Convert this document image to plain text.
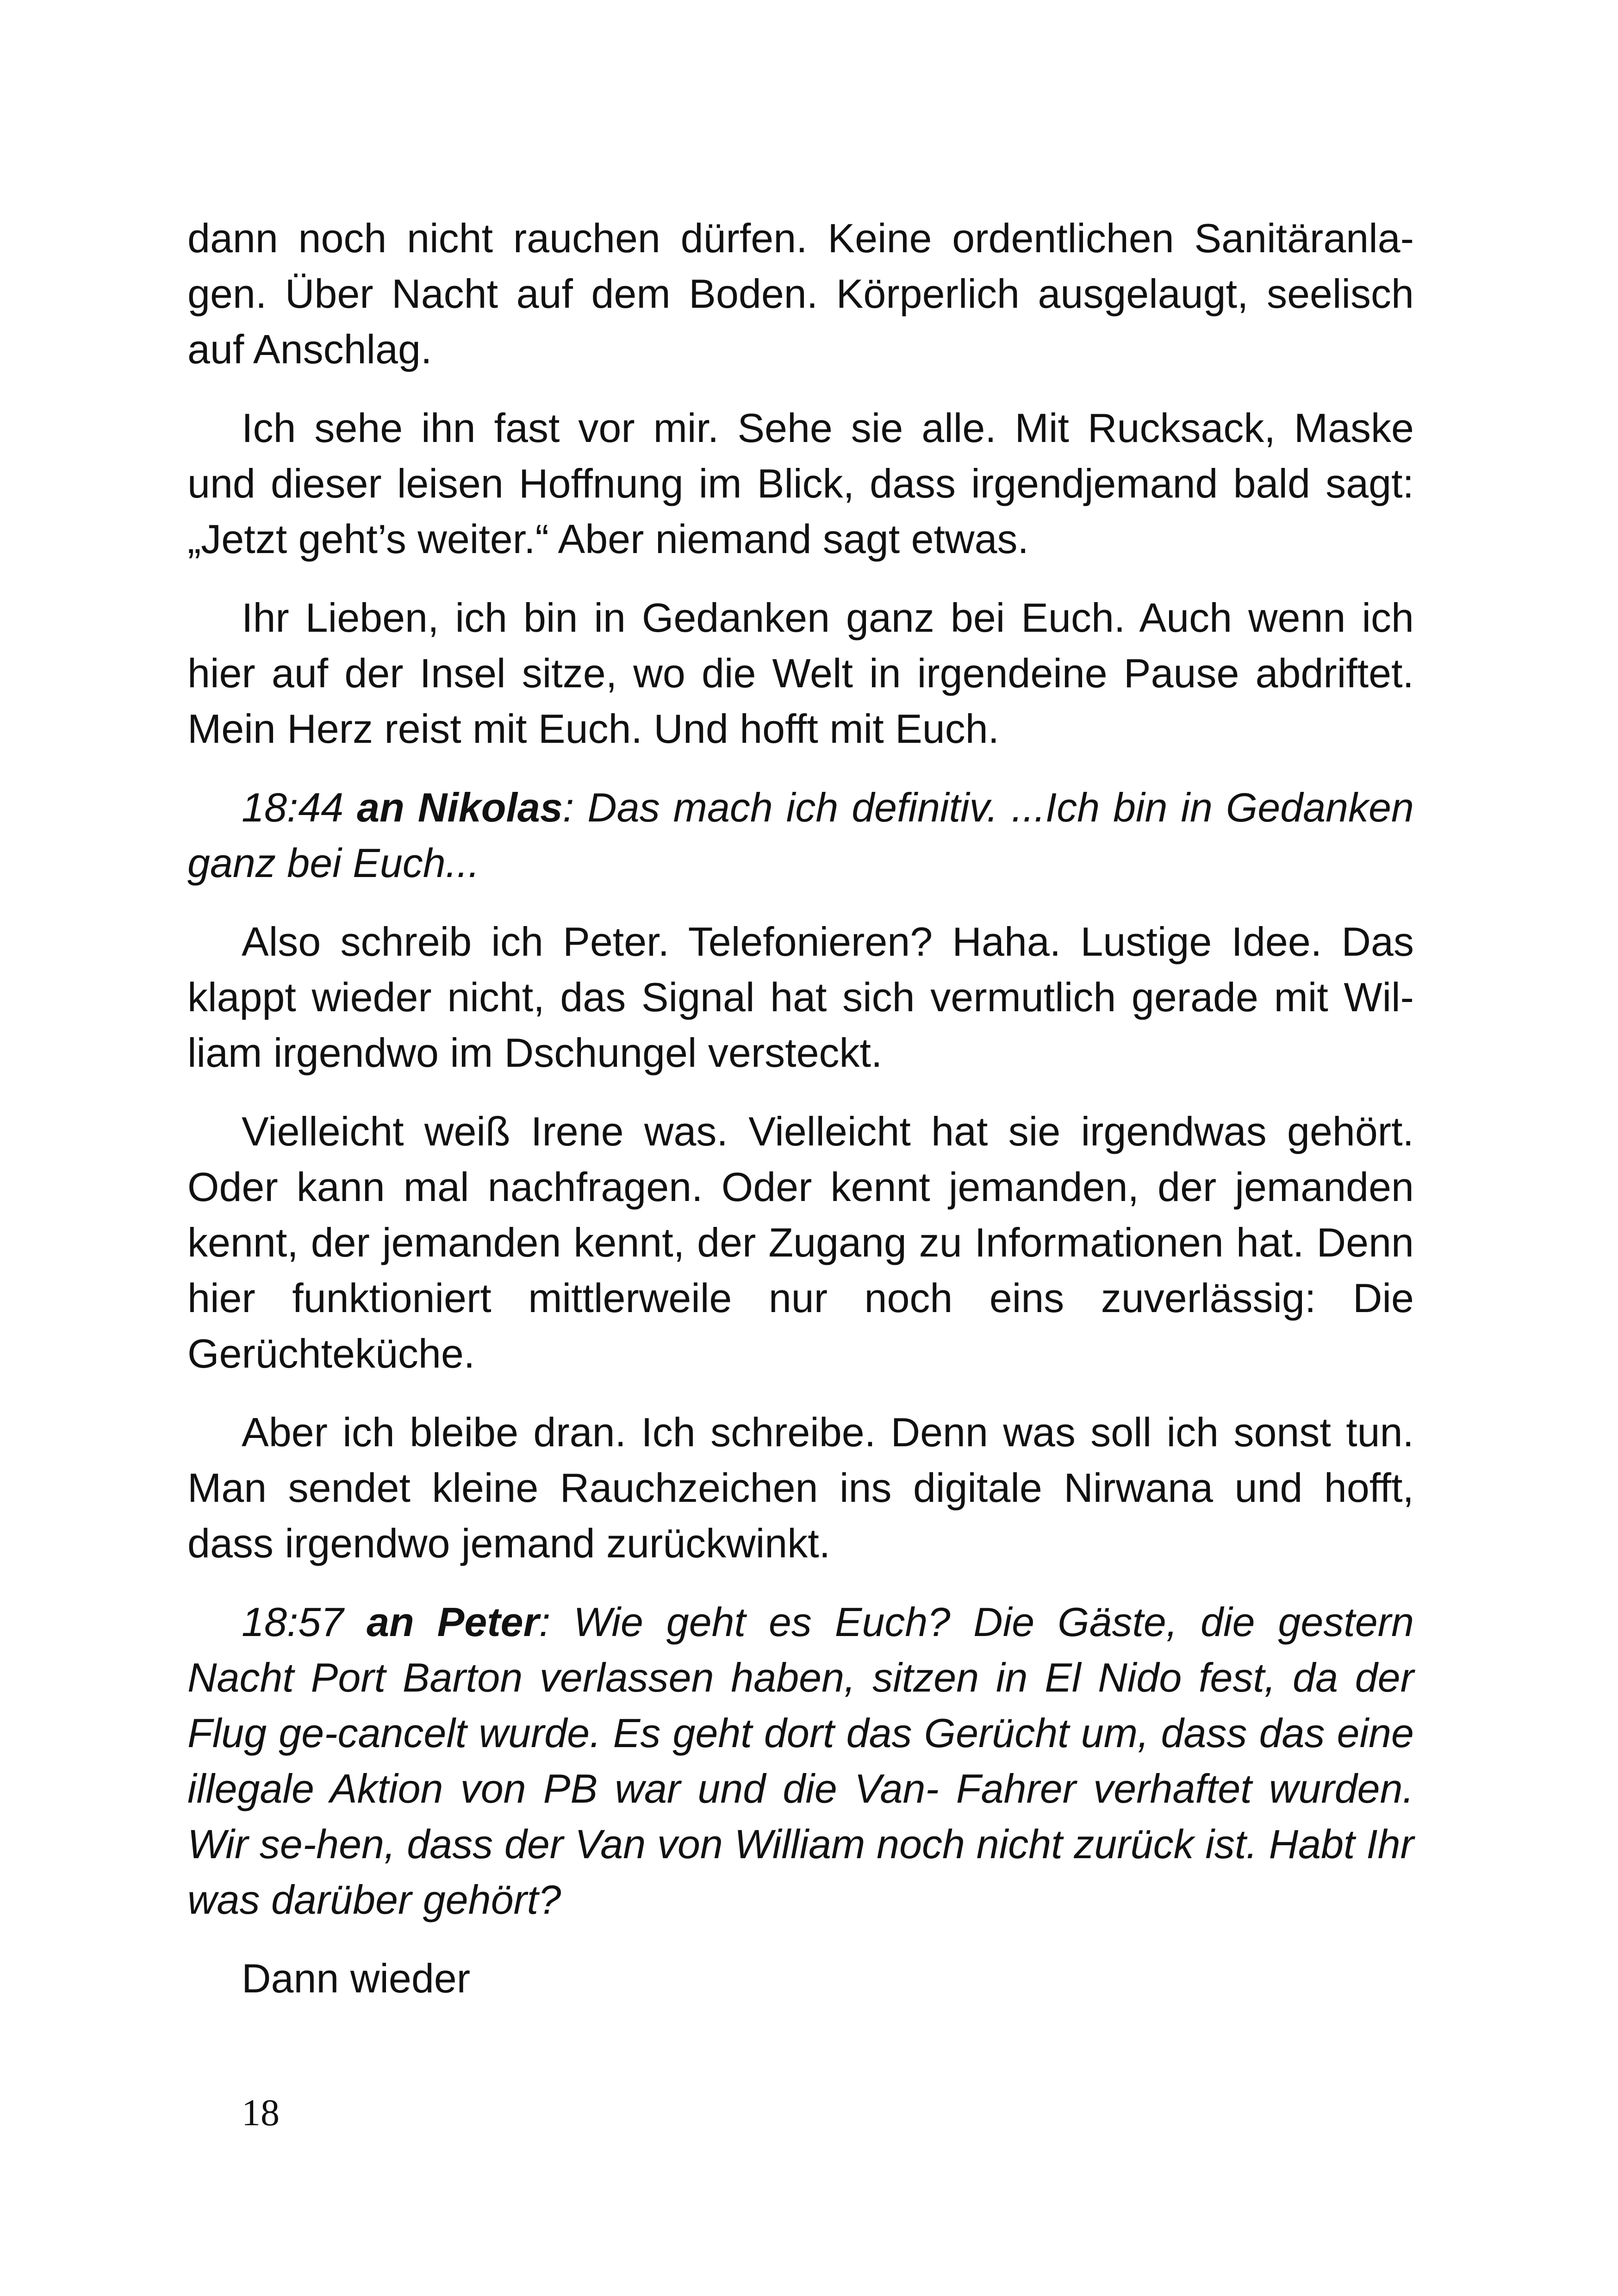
dann noch nicht rauchen dürfen. Keine ordentlichen Sanitäranla-gen. Über Nacht auf dem Boden. Körperlich ausgelaugt, seelisch auf Anschlag.

Ich sehe ihn fast vor mir. Sehe sie alle. Mit Rucksack, Maske und dieser leisen Hoffnung im Blick, dass irgendjemand bald sagt: „Jetzt geht’s weiter.“ Aber niemand sagt etwas.

Ihr Lieben, ich bin in Gedanken ganz bei Euch. Auch wenn ich hier auf der Insel sitze, wo die Welt in irgendeine Pause abdriftet. Mein Herz reist mit Euch. Und hofft mit Euch.

18:44 an Nikolas: Das mach ich definitiv. ...Ich bin in Gedanken ganz bei Euch...

Also schreib ich Peter. Telefonieren? Haha. Lustige Idee. Das klappt wieder nicht, das Signal hat sich vermutlich gerade mit Wil-liam irgendwo im Dschungel versteckt.

Vielleicht weiß Irene was. Vielleicht hat sie irgendwas gehört. Oder kann mal nachfragen. Oder kennt jemanden, der jemanden kennt, der jemanden kennt, der Zugang zu Informationen hat. Denn hier funktioniert mittlerweile nur noch eins zuverlässig: Die Gerüchteküche.

Aber ich bleibe dran. Ich schreibe. Denn was soll ich sonst tun. Man sendet kleine Rauchzeichen ins digitale Nirwana und hofft, dass irgendwo jemand zurückwinkt.

18:57 an Peter: Wie geht es Euch? Die Gäste, die gestern Nacht Port Barton verlassen haben, sitzen in El Nido fest, da der Flug ge-cancelt wurde. Es geht dort das Gerücht um, dass das eine illegale Aktion von PB war und die Van- Fahrer verhaftet wurden. Wir se-hen, dass der Van von William noch nicht zurück ist. Habt Ihr was darüber gehört?

Dann wieder

18
